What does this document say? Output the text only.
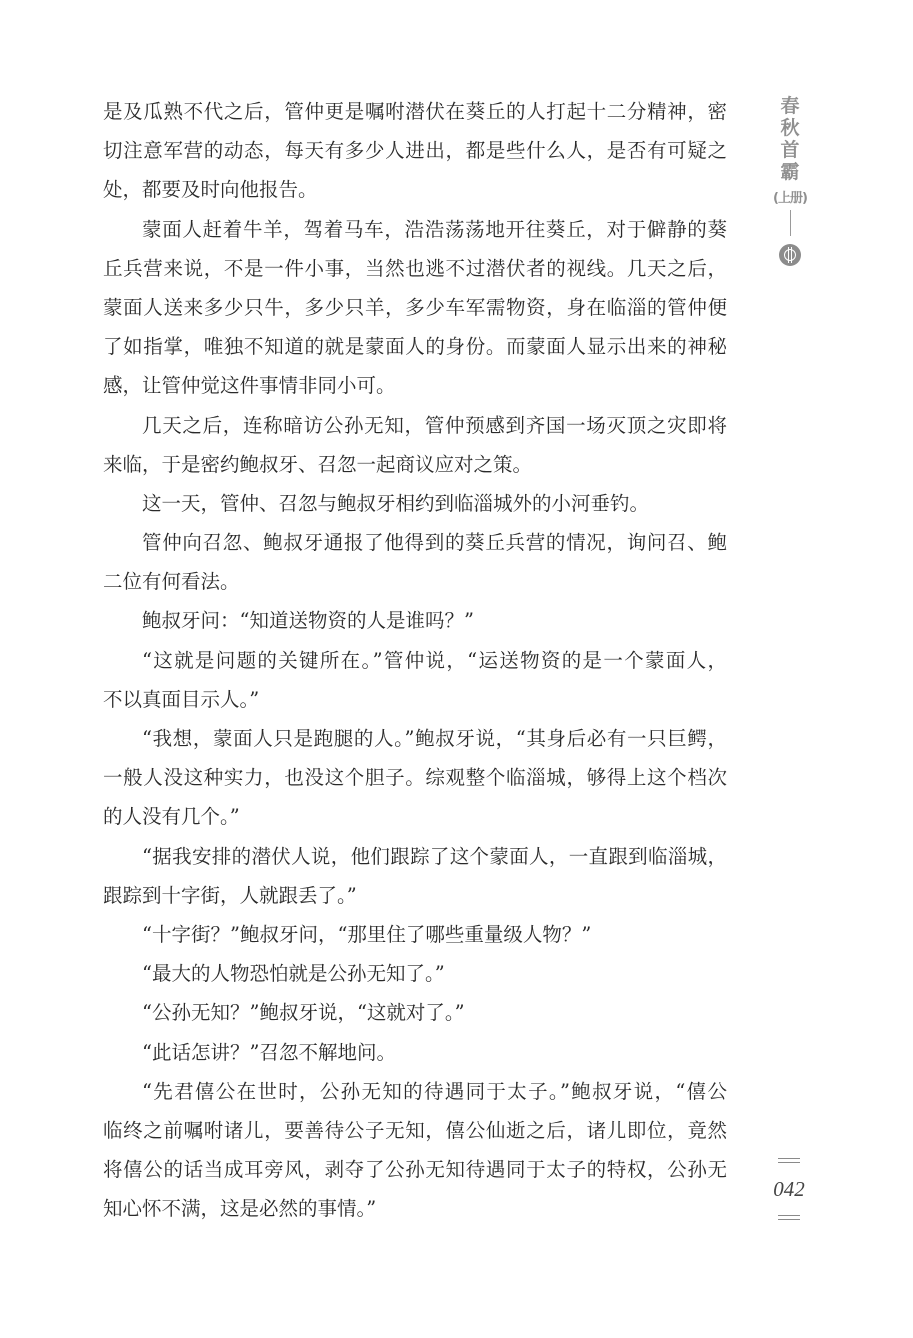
是及瓜熟不代之后，管仲更是嘱咐潜伏在葵丘的人打起十二分精神，密
切注意军营的动态，每天有多少人进出，都是些什么人，是否有可疑之
处，都要及时向他报告。
蒙面人赶着牛羊，驾着马车，浩浩荡荡地开往葵丘，对于僻静的葵
丘兵营来说，不是一件小事，当然也逃不过潜伏者的视线。几天之后，
蒙面人送来多少只牛，多少只羊，多少车军需物资，身在临淄的管仲便
了如指掌，唯独不知道的就是蒙面人的身份。而蒙面人显示出来的神秘
感，让管仲觉这件事情非同小可。
几天之后，连称暗访公孙无知，管仲预感到齐国一场灭顶之灾即将
来临，于是密约鲍叔牙、召忽一起商议应对之策。
这一天，管仲、召忽与鲍叔牙相约到临淄城外的小河垂钓。
管仲向召忽、鲍叔牙通报了他得到的葵丘兵营的情况，询问召、鲍
二位有何看法。
鲍叔牙问：“知道送物资的人是谁吗？”
“这就是问题的关键所在。”管仲说，“运送物资的是一个蒙面人，
不以真面目示人。”
“我想，蒙面人只是跑腿的人。”鲍叔牙说，“其身后必有一只巨鳄，
一般人没这种实力，也没这个胆子。综观整个临淄城，够得上这个档次
的人没有几个。”
“据我安排的潜伏人说，他们跟踪了这个蒙面人，一直跟到临淄城，
跟踪到十字街，人就跟丢了。”
“十字街？”鲍叔牙问，“那里住了哪些重量级人物？”
“最大的人物恐怕就是公孙无知了。”
“公孙无知？”鲍叔牙说，“这就对了。”
“此话怎讲？”召忽不解地问。
“先君僖公在世时，公孙无知的待遇同于太子。”鲍叔牙说，“僖公
临终之前嘱咐诸儿，要善待公子无知，僖公仙逝之后，诸儿即位，竟然
将僖公的话当成耳旁风，剥夺了公孙无知待遇同于太子的特权，公孙无
知心怀不满，这是必然的事情。”
春
秋
首
霸
(上册)
042
